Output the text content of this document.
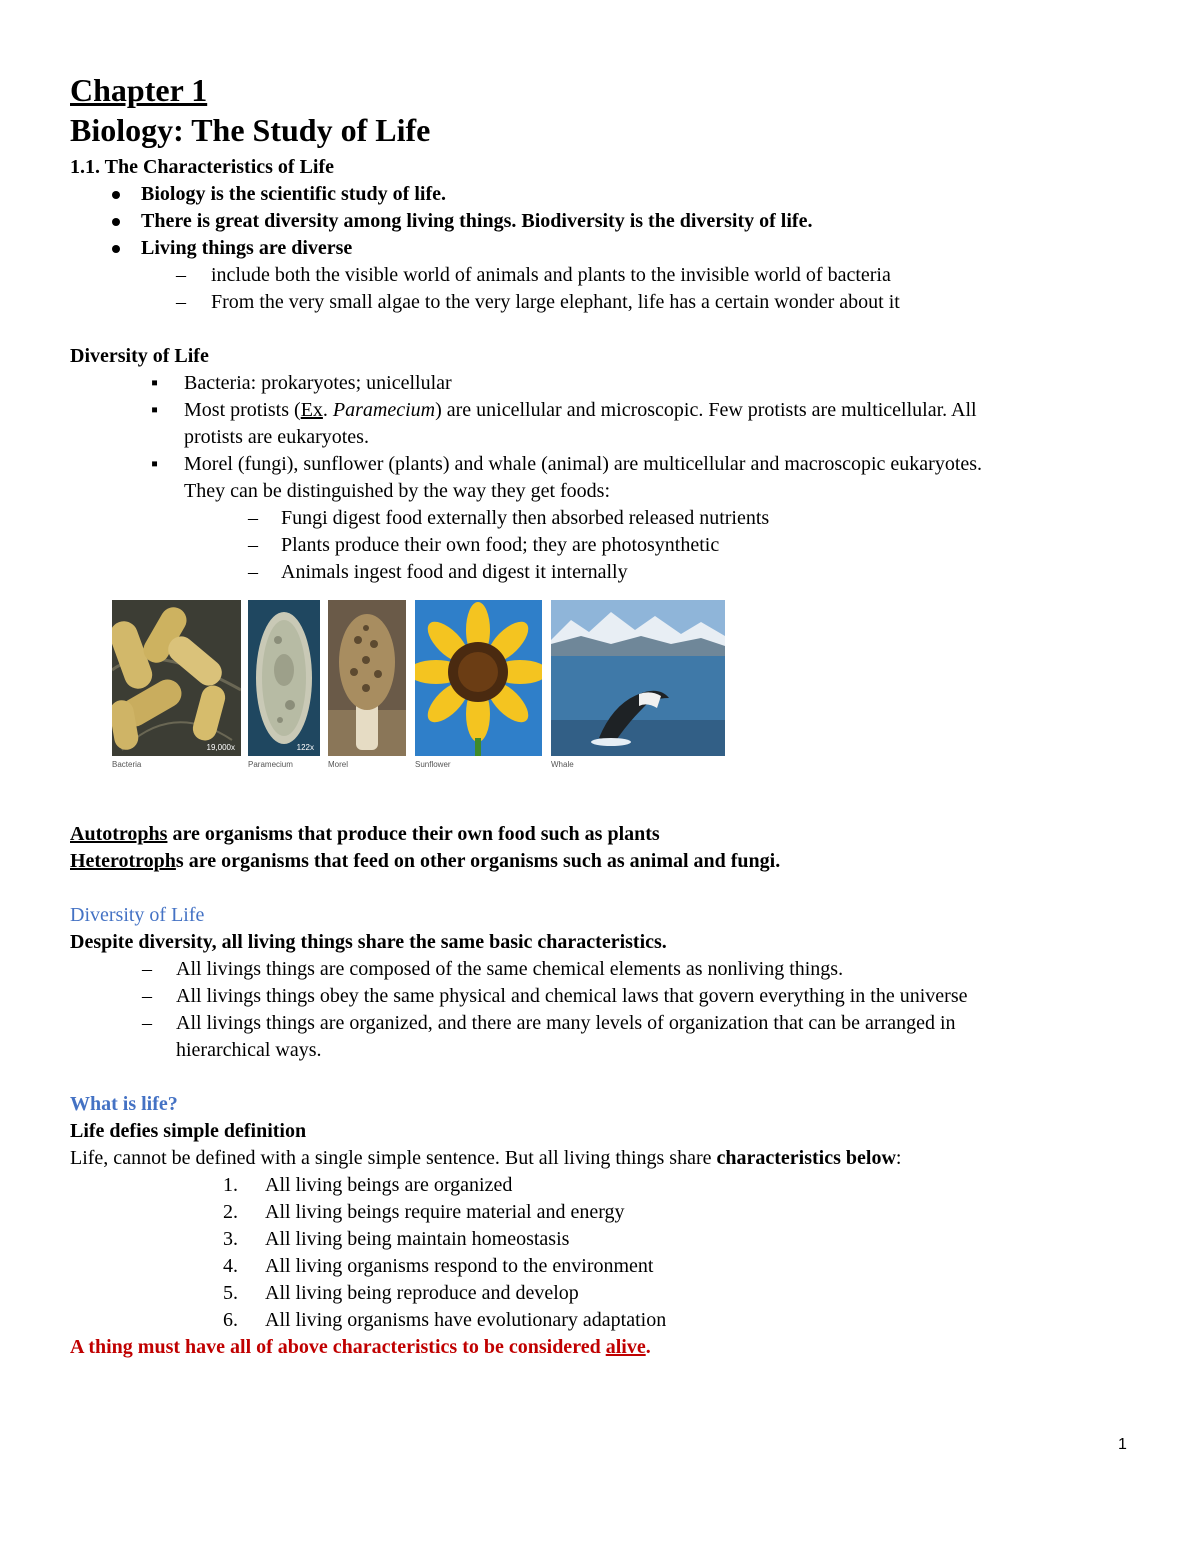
Chapter 1
Biology: The Study of Life
1.1. The Characteristics of Life
Biology is the scientific study of life.
There is great diversity among living things. Biodiversity is the diversity of life.
Living things are diverse
– include both the visible world of animals and plants to the invisible world of bacteria
– From the very small algae to the very large elephant, life has a certain wonder about it
Diversity of Life
▪ Bacteria: prokaryotes; unicellular
▪ Most protists (Ex. Paramecium) are unicellular and microscopic. Few protists are multicellular. All
protists are eukaryotes.
▪ Morel (fungi), sunflower (plants) and whale (animal) are multicellular and macroscopic eukaryotes.
They can be distinguished by the way they get foods:
– Fungi digest food externally then absorbed released nutrients
– Plants produce their own food; they are photosynthetic
– Animals ingest food and digest it internally
19,000x	122x
Bacteria	Paramecium	Morel	Sunflower	Whale
Autotrophs are organisms that produce their own food such as plants
Heterotrophs are organisms that feed on other organisms such as animal and fungi.
Diversity of Life
Despite diversity, all living things share the same basic characteristics.
– All livings things are composed of the same chemical elements as nonliving things.
– All livings things obey the same physical and chemical laws that govern everything in the universe
– All livings things are organized, and there are many levels of organization that can be arranged in
hierarchical ways.
What is life?
Life defies simple definition
Life, cannot be defined with a single simple sentence. But all living things share characteristics below:
1. All living beings are organized
2. All living beings require material and energy
3. All living being maintain homeostasis
4. All living organisms respond to the environment
5. All living being reproduce and develop
6. All living organisms have evolutionary adaptation
A thing must have all of above characteristics to be considered alive.
1
